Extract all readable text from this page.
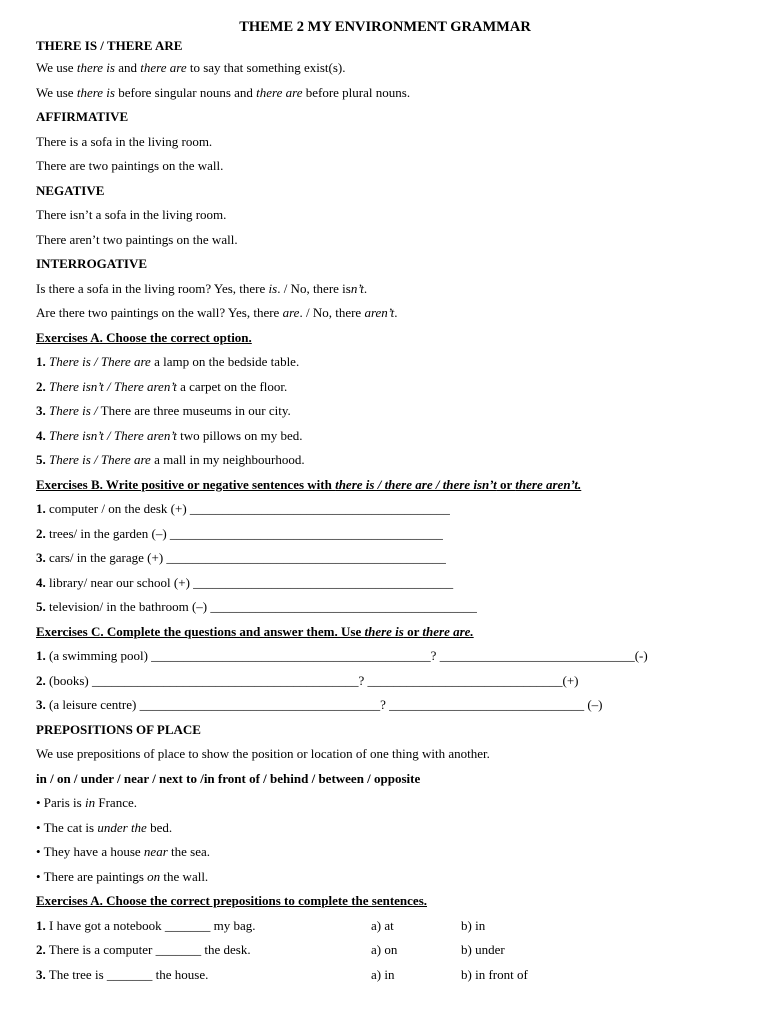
THEME 2 MY ENVIRONMENT GRAMMAR
THERE IS / THERE ARE
We use there is and there are to say that something exist(s).
We use there is before singular nouns and there are before plural nouns.
AFFIRMATIVE
There is a sofa in the living room.
There are two paintings on the wall.
NEGATIVE
There isn’t a sofa in the living room.
There aren’t two paintings on the wall.
INTERROGATIVE
Is there a sofa in the living room? Yes, there is. / No, there isn’t.
Are there two paintings on the wall? Yes, there are. / No, there aren’t.
Exercises A. Choose the correct option.
1. There is / There are a lamp on the bedside table.
2. There isn’t / There aren’t a carpet on the floor.
3. There is / There are three museums in our city.
4. There isn’t / There aren’t two pillows on my bed.
5. There is / There are a mall in my neighbourhood.
Exercises B. Write positive or negative sentences with there is / there are / there isn’t or there aren’t.
1. computer / on the desk (+) ________________________________________
2. trees/ in the garden (–) __________________________________________
3. cars/ in the garage (+) ___________________________________________
4. library/ near our school (+) ________________________________________
5. television/ in the bathroom (–) _________________________________________
Exercises C. Complete the questions and answer them. Use there is or there are.
1. (a swimming pool) ___________________________________________? ______________________________(-)
2. (books) _________________________________________? ______________________________(+)
3. (a leisure centre) _____________________________________? ______________________________ (–)
PREPOSITIONS OF PLACE
We use prepositions of place to show the position or location of one thing with another.
in / on / under / near / next to /in front of / behind / between / opposite
• Paris is in France.
• The cat is under the bed.
• They have a house near the sea.
• There are paintings on the wall.
Exercises A. Choose the correct prepositions to complete the sentences.
1. I have got a notebook _______ my bag.	a) at	b) in
2. There is a computer _______ the desk.	a) on	b) under
3. The tree is _______ the house.	a) in	b) in front of
